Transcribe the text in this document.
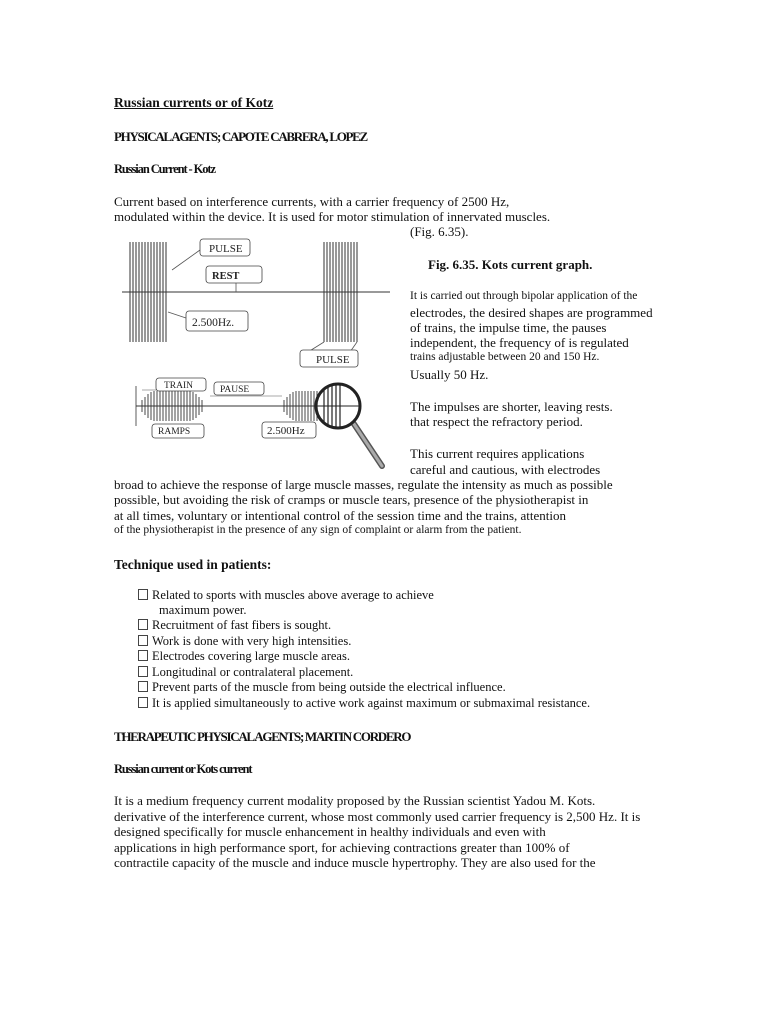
Russian currents or of Kotz
PHYSICAL AGENTS; CAPOTE CABRERA, LOPEZ
Russian Current - Kotz
Current based on interference currents, with a carrier frequency of 2500 Hz,
modulated within the device. It is used for motor stimulation of innervated muscles.
(Fig. 6.35).
PULSE
REST
2.500Hz.
PULSE
TRAIN	PAUSE
RAMPS	2.500Hz
Fig. 6.35. Kots current graph.
It is carried out through bipolar application of the
electrodes, the desired shapes are programmed
of trains, the impulse time, the pauses
independent, the frequency of is regulated
trains adjustable between 20 and 150 Hz.
Usually 50 Hz.
The impulses are shorter, leaving rests.
that respect the refractory period.
This current requires applications
careful and cautious, with electrodes
broad to achieve the response of large muscle masses, regulate the intensity as much as possible
possible, but avoiding the risk of cramps or muscle tears, presence of the physiotherapist in
at all times, voluntary or intentional control of the session time and the trains, attention
of the physiotherapist in the presence of any sign of complaint or alarm from the patient.
Technique used in patients:
Related to sports with muscles above average to achieve
maximum power.
Recruitment of fast fibers is sought.
Work is done with very high intensities.
Electrodes covering large muscle areas.
Longitudinal or contralateral placement.
Prevent parts of the muscle from being outside the electrical influence.
It is applied simultaneously to active work against maximum or submaximal resistance.
THERAPEUTIC PHYSICAL AGENTS; MARTIN CORDERO
Russian current or Kots current
It is a medium frequency current modality proposed by the Russian scientist Yadou M. Kots.
derivative of the interference current, whose most commonly used carrier frequency is 2,500 Hz. It is
designed specifically for muscle enhancement in healthy individuals and even with
applications in high performance sport, for achieving contractions greater than 100% of
contractile capacity of the muscle and induce muscle hypertrophy. They are also used for the
